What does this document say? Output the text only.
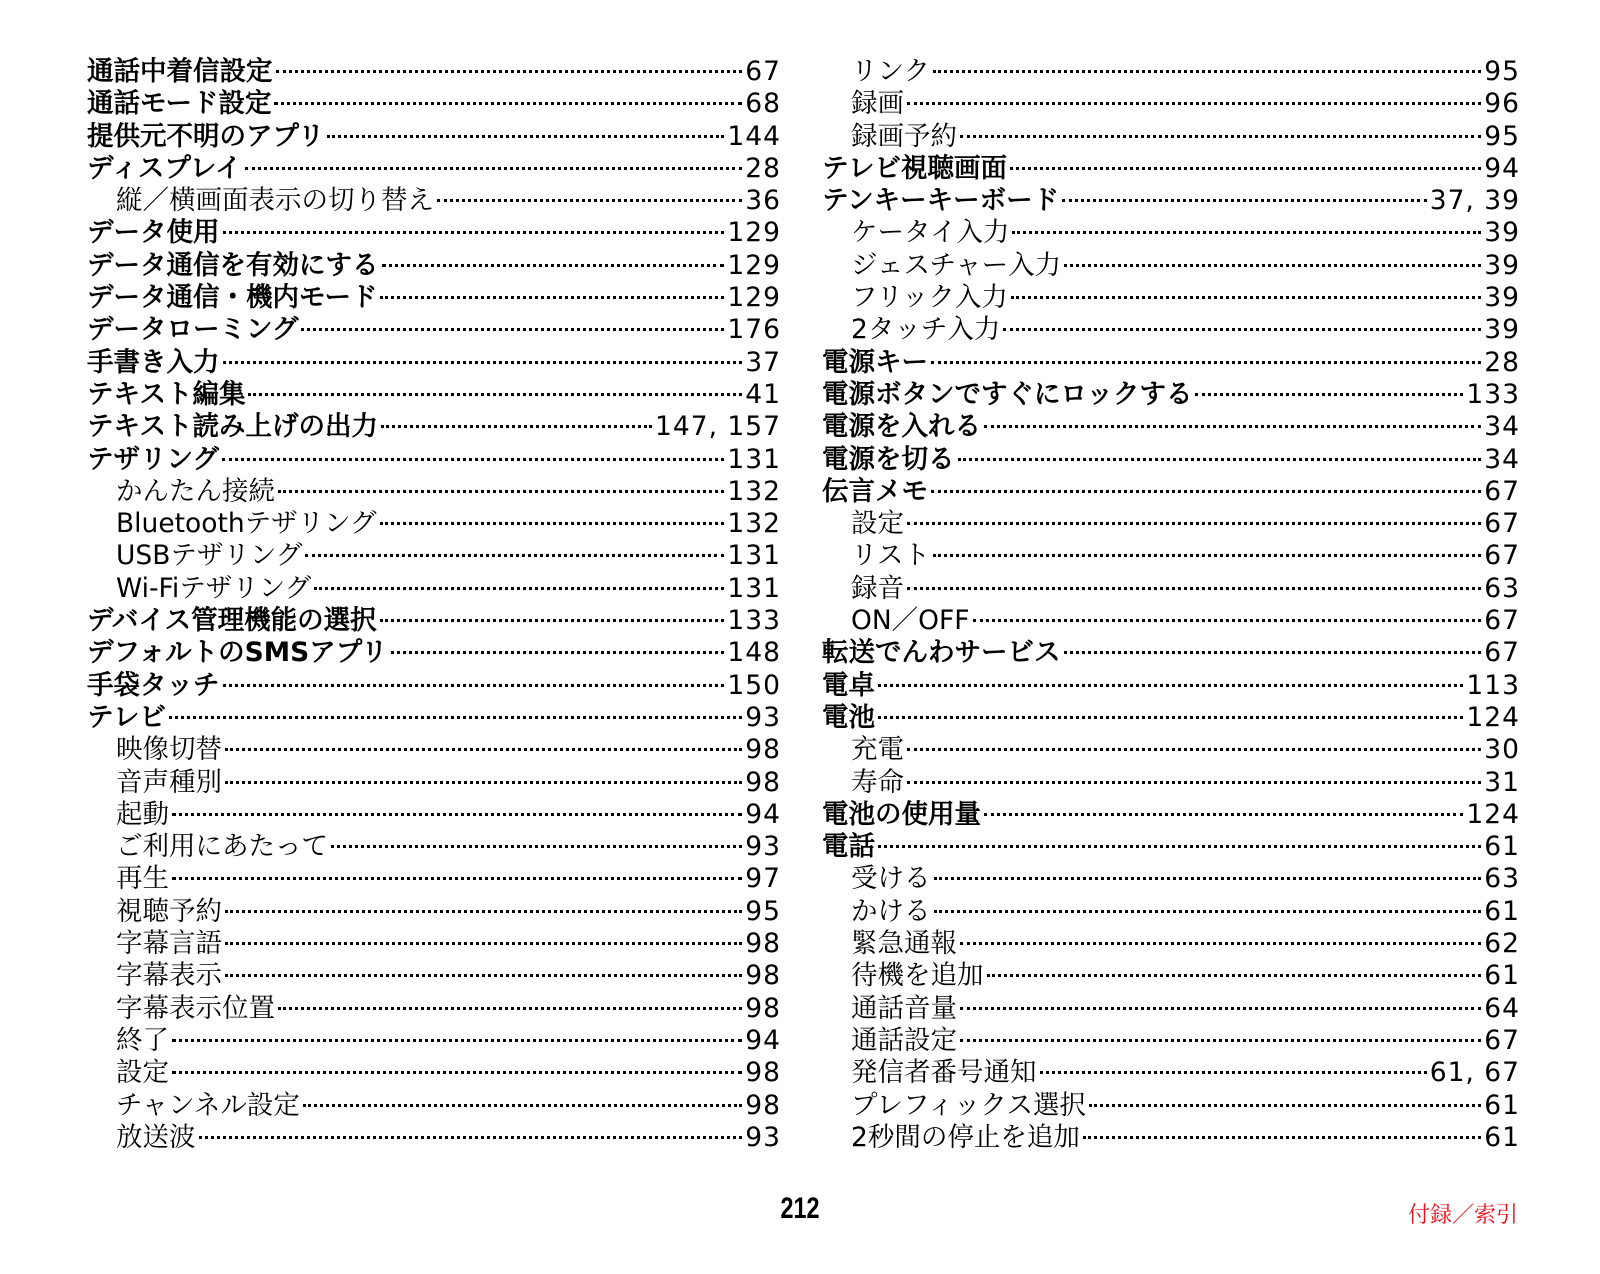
通話中着信設定	67
通話モード設定	68
提供元不明のアプリ	144
ディスプレイ	28
縦／横画面表示の切り替え	36
データ使用	129
データ通信を有効にする	129
データ通信・機内モード	129
データローミング	176
手書き入力	37
テキスト編集	41
テキスト読み上げの出力	147, 157
テザリング	131
かんたん接続	132
Bluetoothテザリング	132
USBテザリング	131
Wi-Fiテザリング	131
デバイス管理機能の選択	133
デフォルトのSMSアプリ	148
手袋タッチ	150
テレビ	93
映像切替	98
音声種別	98
起動	94
ご利用にあたって	93
再生	97
視聴予約	95
字幕言語	98
字幕表示	98
字幕表示位置	98
終了	94
設定	98
チャンネル設定	98
放送波	93
リンク	95
録画	96
録画予約	95
テレビ視聴画面	94
テンキーキーボード	37, 39
ケータイ入力	39
ジェスチャー入力	39
フリック入力	39
2タッチ入力	39
電源キー	28
電源ボタンですぐにロックする	133
電源を入れる	34
電源を切る	34
伝言メモ	67
設定	67
リスト	67
録音	63
ON／OFF	67
転送でんわサービス	67
電卓	113
電池	124
充電	30
寿命	31
電池の使用量	124
電話	61
受ける	63
かける	61
緊急通報	62
待機を追加	61
通話音量	64
通話設定	67
発信者番号通知	61, 67
プレフィックス選択	61
2秒間の停止を追加	61
212	付録／索引
